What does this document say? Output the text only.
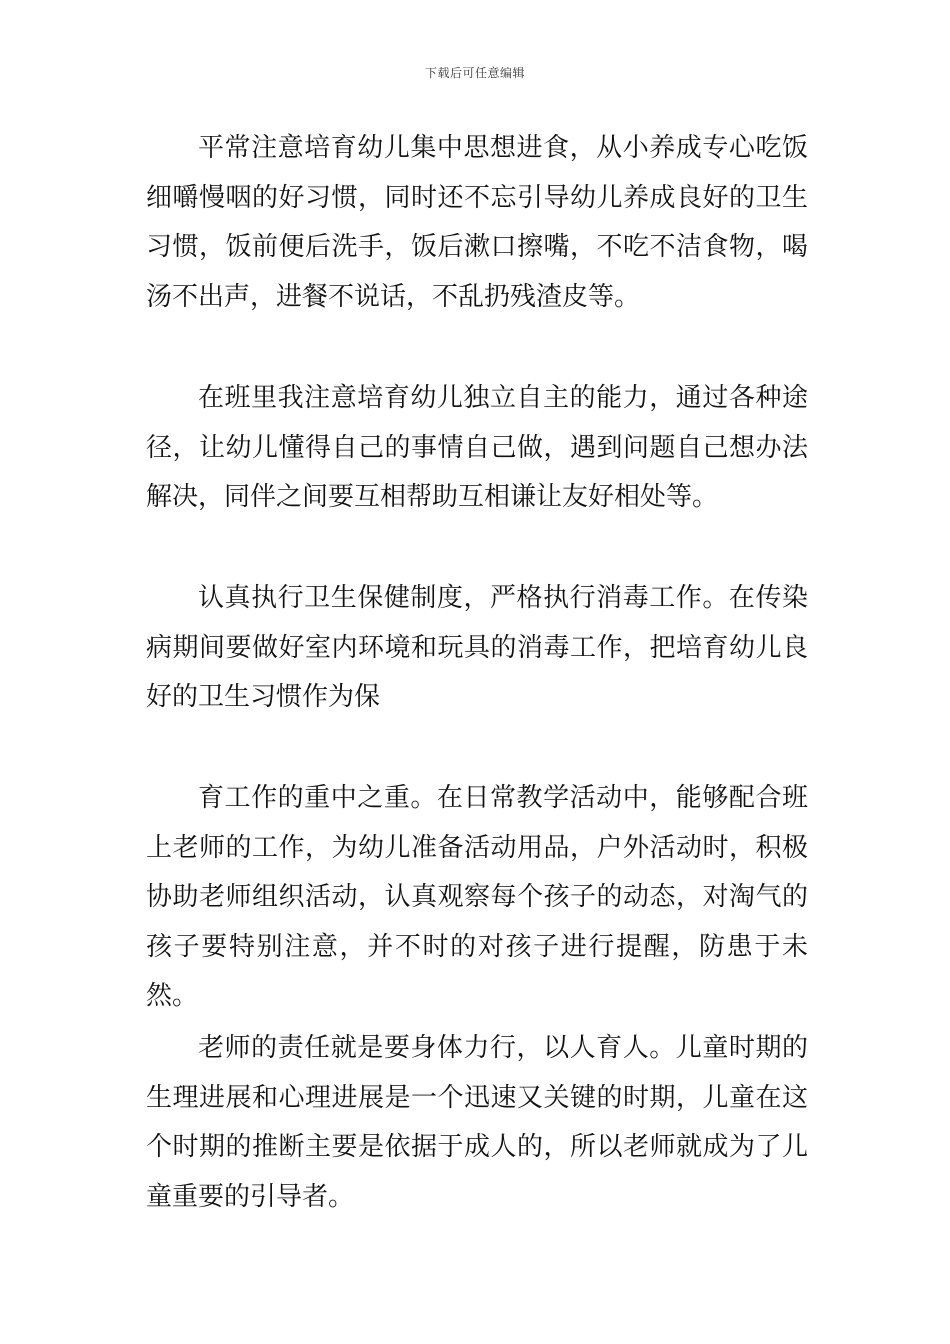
下载后可任意编辑

平常注意培育幼儿集中思想进食，从小养成专心吃饭细嚼慢咽的好习惯，同时还不忘引导幼儿养成良好的卫生习惯，饭前便后洗手，饭后漱口擦嘴，不吃不洁食物，喝汤不出声，进餐不说话，不乱扔残渣皮等。

在班里我注意培育幼儿独立自主的能力，通过各种途径，让幼儿懂得自己的事情自己做，遇到问题自己想办法解决，同伴之间要互相帮助互相谦让友好相处等。

认真执行卫生保健制度，严格执行消毒工作。在传染病期间要做好室内环境和玩具的消毒工作，把培育幼儿良好的卫生习惯作为保

育工作的重中之重。在日常教学活动中，能够配合班上老师的工作，为幼儿准备活动用品，户外活动时，积极协助老师组织活动，认真观察每个孩子的动态，对淘气的孩子要特别注意，并不时的对孩子进行提醒，防患于未然。

老师的责任就是要身体力行，以人育人。儿童时期的生理进展和心理进展是一个迅速又关键的时期，儿童在这个时期的推断主要是依据于成人的，所以老师就成为了儿童重要的引导者。
